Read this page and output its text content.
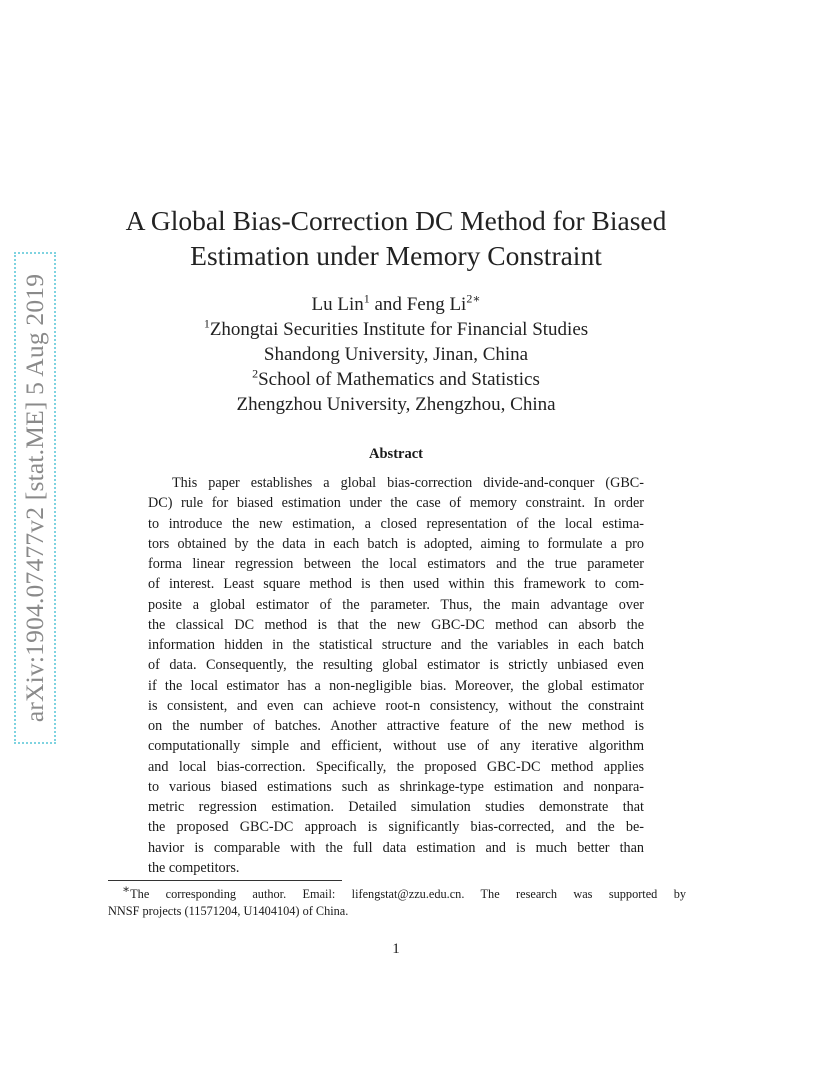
arXiv:1904.07477v2 [stat.ME] 5 Aug 2019
A Global Bias-Correction DC Method for Biased
Estimation under Memory Constraint
Lu Lin$^1$ and Feng $Li^{2∗}$
$^1$Zhongtai Securities Institute for Financial Studies
Shandong University, Jinan, China
$^2$School of Mathematics and Statistics
Zhengzhou University, Zhengzhou, China
Abstract
This paper establishes a global bias-correction divide-and-conquer (GBC-
DC) rule for biased estimation under the case of memory constraint. In order
to introduce the new estimation, a closed representation of the local estima-
tors obtained by the data in each batch is adopted, aiming to formulate a pro
forma linear regression between the local estimators and the true parameter
of interest. Least square method is then used within this framework to com-
posite a global estimator of the parameter. Thus, the main advantage over
the classical DC method is that the new GBC-DC method can absorb the
information hidden in the statistical structure and the variables in each batch
of data. Consequently, the resulting global estimator is strictly unbiased even
if the local estimator has a non-negligible bias. Moreover, the global estimator
is consistent, and even can achieve root-n consistency, without the constraint
on the number of batches. Another attractive feature of the new method is
computationally simple and efficient, without use of any iterative algorithm
and local bias-correction. Specifically, the proposed GBC-DC method applies
to various biased estimations such as shrinkage-type estimation and nonpara-
metric regression estimation. Detailed simulation studies demonstrate that
the proposed GBC-DC approach is significantly bias-corrected, and the be-
havior is comparable with the full data estimation and is much better than
the competitors.
∗The corresponding author. Email: lifengstat@zzu.edu.cn. The research was supported by
NNSF projects (11571204, U1404104) of China.
1
